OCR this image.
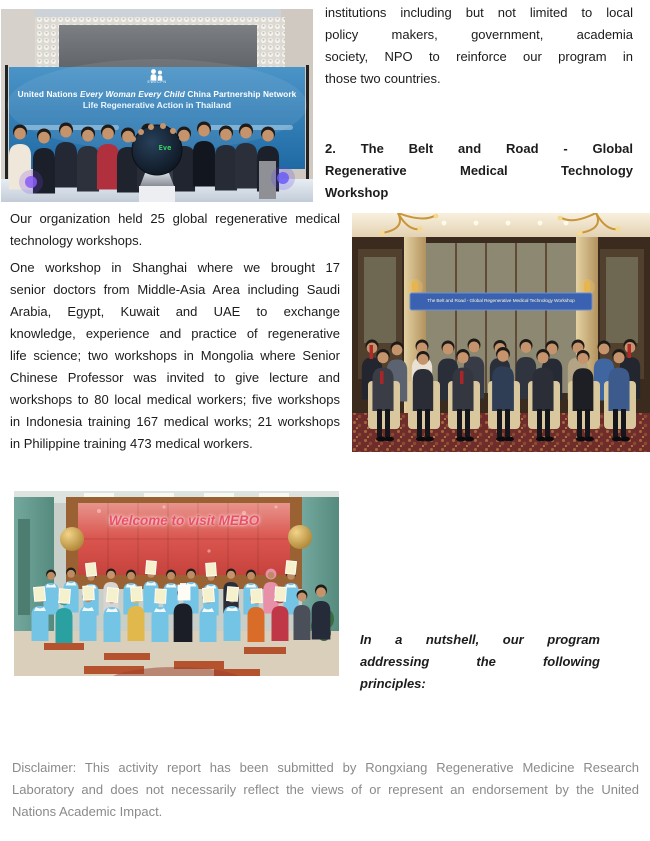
institutions including but not limited to local
policy makers, government, academia
society, NPO to reinforce our program in
those two countries.
2. The Belt and Road - Global
Regenerative Medical Technology
Workshop
Our organization held 25 global regenerative medical
technology workshops.
One workshop in Shanghai where we brought 17
senior doctors from Middle-Asia Area including Saudi
Arabia, Egypt, Kuwait and UAE to exchange
knowledge, experience and practice of regenerative
life science; two workshops in Mongolia where Senior
Chinese Professor was invited to give lecture and
workshops to 80 local medical workers; five workshops
in Indonesia training 167 medical works; 21 workshops
in Philippine training 473 medical workers.
In a nutshell, our program
addressing the following
principles:
Disclaimer: This activity report has been submitted by Rongxiang Regenerative Medicine Research
Laboratory and does not necessarily reflect the views of or represent an endorsement by the United
Nations Academic Impact.
United Nations Every Woman Every Child China Partnership Network
Life Regenerative Action in Thailand
EWECPN
Eve
The Belt and Road - Global Regenerative Medical Technology Workshop
Welcome to visit MEBO
